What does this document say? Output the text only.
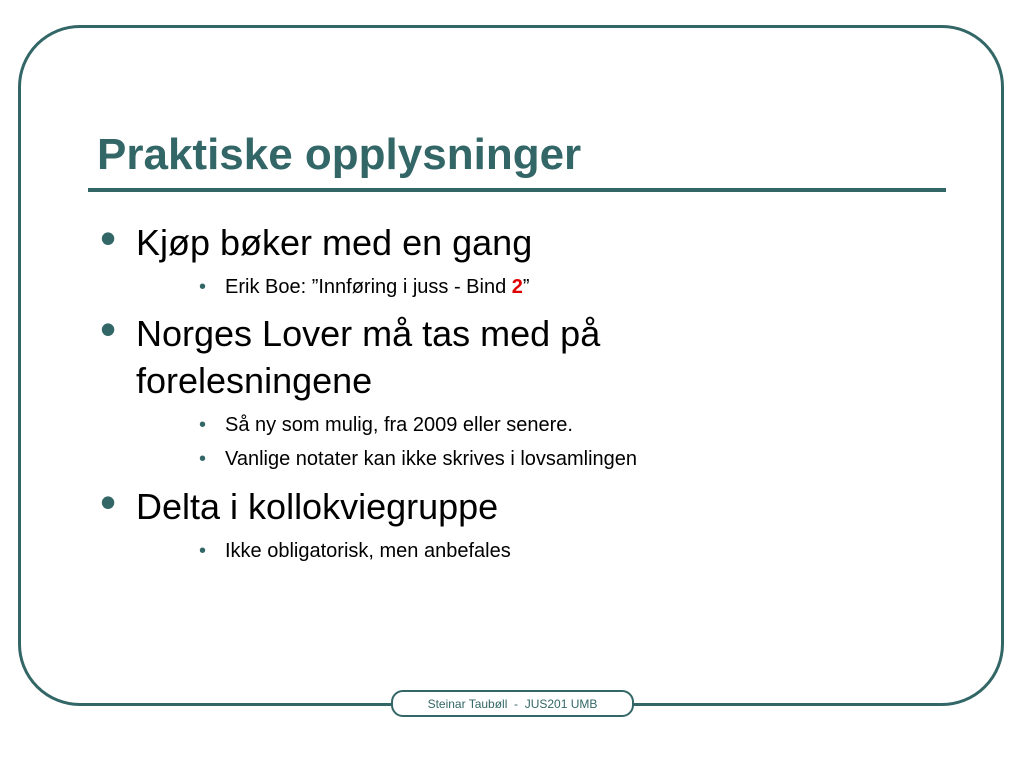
Praktiske opplysninger
• Kjøp bøker med en gang
• Erik Boe: ”Innføring i juss - Bind 2”
• Norges Lover må tas med på
forelesningene
• Så ny som mulig, fra 2009 eller senere.
• Vanlige notater kan ikke skrives i lovsamlingen
• Delta i kollokviegruppe
• Ikke obligatorisk, men anbefales
Steinar Taubøll  -  JUS201 UMB
